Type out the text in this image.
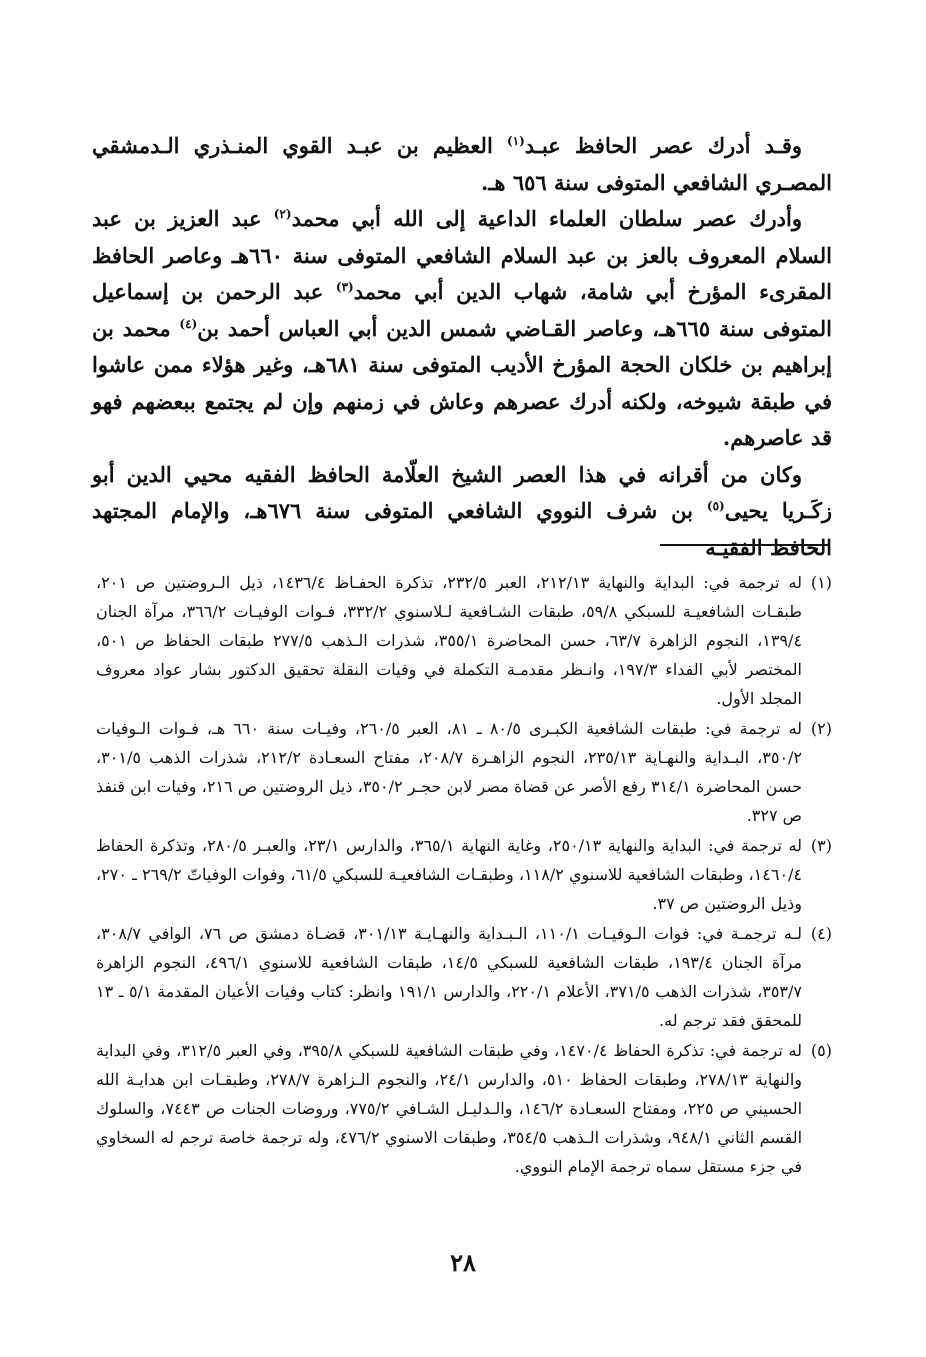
وقـد أدرك عصر الحافظ عبـد$^{(١)}$ العظيم بن عبـد القوي المنـذري الـدمشقي المصـري الشافعي المتوفى سنة ٦٥٦ هـ.

وأدرك عصر سلطان العلماء الداعية إلى الله أبي محمد$^{(٢)}$ عبد العزيز بن عبد السلام المعروف بالعز بن عبد السلام الشافعي المتوفى سنة ٦٦٠هـ وعاصر الحافظ المقرىء المؤرخ أبي شامة، شهاب الدين أبي محمد$^{(٣)}$ عبد الرحمن بن إسماعيل المتوفى سنة ٦٦٥هـ، وعاصر القـاضي شمس الدين أبي العباس أحمد بن$^{(٤)}$ محمد بن إبراهيم بن خلكان الحجة المؤرخ الأديب المتوفى سنة ٦٨١هـ، وغير هؤلاء ممن عاشوا في طبقة شيوخه، ولكنه أدرك عصرهم وعاش في زمنهم وإن لم يجتمع ببعضهم فهو قد عاصرهم.

وكان من أقرانه في هذا العصر الشيخ العلّامة الحافظ الفقيه محيي الدين أبو زكَـريا يحيى$^{(٥)}$ بن شرف النووي الشافعي المتوفى سنة ٦٧٦هـ، والإمام المجتهد الحافظ الفقيـه

(١)
له ترجمة في: البداية والنهاية ٢١٢/١٣، العبر ٢٣٢/٥، تذكرة الحفـاظ ١٤٣٦/٤، ذيل الـروضتين ص ٢٠١، طبقـات الشافعيـة للسبكي ٥٩/٨، طبقات الشـافعية لـلاسنوي ٣٣٢/٢، فـوات الوفيـات ٣٦٦/٢، مرآة الجنان ١٣٩/٤، النجوم الزاهرة ٦٣/٧، حسن المحاضرة ٣٥٥/١، شذرات الـذهب ٢٧٧/٥ طبقات الحفاظ ص ٥٠١، المختصر لأبي الفداء ١٩٧/٣، وانـظر مقدمـة التكملة في وفيات النقلة تحقيق الدكتور بشار عواد معروف المجلد الأول.
(٢)
له ترجمة في: طبقات الشافعية الكبـرى ٨٠/٥ ـ ٨١، العبر ٢٦٠/٥، وفيـات سنة ٦٦٠ هـ، فـوات الـوفيات ٣٥٠/٢، البـداية والنهـاية ٢٣٥/١٣، النجوم الزاهـرة ٢٠٨/٧، مفتاح السعـادة ٢١٢/٢، شذرات الذهب ٣٠١/٥، حسن المحاضرة ٣١٤/١ رفع الأصر عن قضاة مصر لابن حجـر ٣٥٠/٢، ذيل الروضتين ص ٢١٦، وفيات ابن قنفذ ص ٣٢٧.
(٣)
له ترجمة في: البداية والنهاية ٢٥٠/١٣، وغاية النهاية ٣٦٥/١، والدارس ٢٣/١، والعبـر ٢٨٠/٥، وتذكرة الحفاظ ١٤٦٠/٤، وطبقات الشافعية للاسنوي ١١٨/٢، وطبقـات الشافعيـة للسبكي ٦١/٥، وفوات الوفياتّ ٢٦٩/٢ ـ ٢٧٠، وذيل الروضتين ص ٣٧.
(٤)
لـه ترجمـة في: فوات الـوفيـات ١١٠/١، الـبـداية والنهـايـة ٣٠١/١٣، قضـاة دمشق ص ٧٦، الوافي ٣٠٨/٧، مرآة الجنان ١٩٣/٤، طبقات الشافعية للسبكي ١٤/٥، طبقات الشافعية للاسنوي ٤٩٦/١، النجوم الزاهرة ٣٥٣/٧، شذرات الذهب ٣٧١/٥، الأعلام ٢٢٠/١، والدارس ١٩١/١ وانظر: كتاب وفيات الأعيان المقدمة ٥/١ ـ ١٣ للمحقق فقد ترجم له.
(٥)
له ترجمة في: تذكرة الحفاظ ١٤٧٠/٤، وفي طبقات الشافعية للسبكي ٣٩٥/٨، وفي العبر ٣١٢/٥، وفي البداية والنهاية ٢٧٨/١٣، وطبقات الحفاظ ٥١٠، والدارس ٢٤/١، والنجوم الـزاهرة ٢٧٨/٧، وطبقـات ابن هدايـة الله الحسيني ص ٢٢٥، ومفتاح السعـادة ١٤٦/٢، والـدليـل الشـافي ٧٧٥/٢، وروضات الجنات ص ٧٤٤٣، والسلوك القسم الثاني ٩٤٨/١، وشذرات الـذهب ٣٥٤/٥، وطبقات الاسنوي ٤٧٦/٢، وله ترجمة خاصة ترجم له السخاوي في جزء مستقل سماه ترجمة الإمام النووي.
٢٨
